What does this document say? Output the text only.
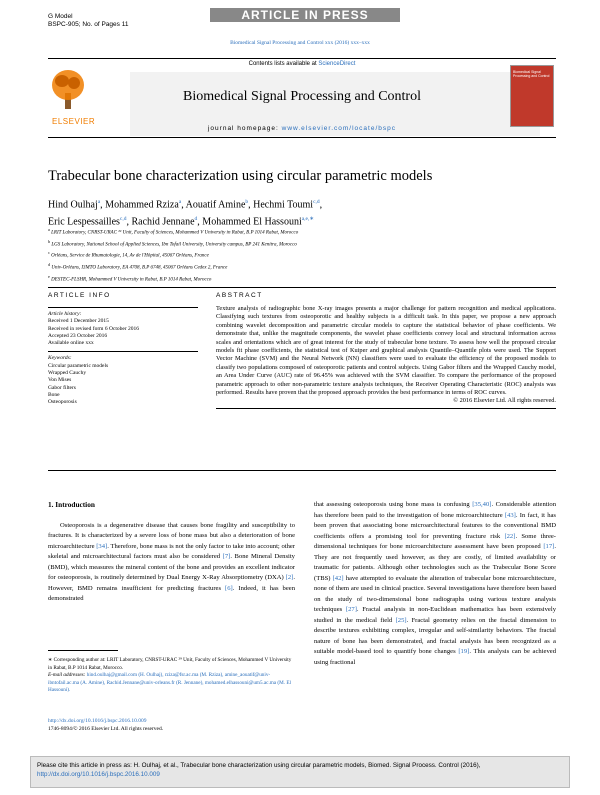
G Model
BSPC-905; No. of Pages 11
ARTICLE IN PRESS
Biomedical Signal Processing and Control xxx (2016) xxx–xxx
Contents lists available at ScienceDirect
Biomedical Signal Processing and Control
journal homepage: www.elsevier.com/locate/bspc
ELSEVIER
Biomedical Signal Processing and Control
Trabecular bone characterization using circular parametric models
Hind Oulhaj$^a$, Mohammed Rziza$^a$, Aouatif Amine$^b$, Hechmi Toumi$^{c,d}$,
Eric Lespessailles$^{c,d}$, Rachid Jennane$^d$, Mohammed El Hassouni$^{a,e,∗}$
$^a$ LRIT Laboratory, CNRST-URAC ²⁹ Unit, Faculty of Sciences, Mohammed V University in Rabat, B.P 1014 Rabat, Morocco
$^b$ LGS Laboratory, National School of Applied Sciences, Ibn Tofail University, University campus, BP 241 Kenitra, Morocco
$^c$ Orléans, Service de Rhumatologie, 14, Av de l'Hôpital, 45067 Orléans, France
$^d$ Univ-Orléans, I3MTO Laboratory, EA 4708, B.P 6748, 45067 Orléans Cedex 2, France
$^e$ DESTEC-FLSHR, Mohammed V University in Rabat, B.P 1014 Rabat, Morocco
ARTICLE INFO	ABSTRACT
Article history:
Received 1 December 2015
Received in revised form 6 October 2016
Accepted 23 October 2016
Available online xxx
Keywords:
Circular parametric models
Wrapped Cauchy
Von Mises
Gabor filters
Bone
Osteoporosis
Texture analysis of radiographic bone X-ray images presents a major challenge for pattern recognition and medical applications. Classifying such textures from osteoporotic and healthy subjects is a difficult task. In this paper, we propose a new approach combining wavelet decomposition and parametric circular models to capture the statistical behavior of phase coefficients. We demonstrate that, unlike the magnitude components, the wavelet phase coefficients convey local and structural information across scales and orientations which are of great interest for the study of trabecular bone texture. To assess how well the proposed circular models fit phase coefficients, the statistical test of Kuiper and graphical analysis Quantile–Quantile plots were used. The Support Vector Machine (SVM) and the Neural Network (NN) classifiers were used to evaluate the efficiency of the proposed models to classify two populations composed of osteoporotic patients and control subjects. Using Gabor filters and the Wrapped Cauchy model, an Area Under Curve (AUC) rate of 96.45% was achieved with the SVM classifier. To compare the performance of the proposed parametric approach to other non-parametric texture analysis techniques, the Receiver Operating Characteristic (ROC) analysis was performed. Results have proven that the proposed approach provides the best performance in terms of ROC curves.
© 2016 Elsevier Ltd. All rights reserved.
1. Introduction

Osteoporosis is a degenerative disease that causes bone fragility and susceptibility to fractures. It is characterized by a severe loss of bone mass but also a deterioration of bone microarchitecture [34]. Therefore, bone mass is not the only factor to take into account; other skeletal and microarchitectural factors must also be considered [7]. Bone Mineral Density (BMD), which measures the mineral content of the bone and provides an excellent indicator for osteoporosis, is routinely determined by Dual Energy X-Ray Absorptiometry (DXA) [2]. However, BMD remains insufficient for predicting fractures [6]. Indeed, it has been demonstrated

∗ Corresponding author at: LRIT Laboratory, CNRST-URAC ²⁹ Unit, Faculty of Sciences, Mohammed V University in Rabat, B.P 1014 Rabat, Morocco.
E-mail addresses: hind.oulhaj@gmail.com (H. Oulhaj), rziza@fsr.ac.ma (M. Rziza), amine_aouatif@univ-ibntofail.ac.ma (A. Amine), Rachid.Jennane@univ-orleans.fr (R. Jennane), mohamed.elhassouni@um5.ac.ma (M. El Hassouni).
http://dx.doi.org/10.1016/j.bspc.2016.10.009
1746-8094/© 2016 Elsevier Ltd. All rights reserved.

that assessing osteoporosis using bone mass is confusing [35,40]. Considerable attention has therefore been paid to the investigation of bone microarchitecture [43]. In fact, it has been proven that associating bone microarchitectural features to the conventional BMD coefficients offers a promising tool for preventing fracture risk [22]. Some three-dimensional techniques for bone microarchitecture assessment have been proposed [17]. They are not frequently used however, as they are costly, of limited availability or traumatic for patients. Although other technologies such as the Trabecular Bone Score (TBS) [42] have attempted to evaluate the alteration of trabecular bone microarchitecture, none of them are used in clinical practice. Several investigations have therefore been based on the study of two-dimensional bone radiographs using various texture analysis techniques [27]. Fractal analysis in non-Euclidean mathematics has been extensively studied in the medical field [25]. Fractal geometry relies on the fractal dimension to describe textures exhibiting complex, irregular and self-similarity behaviors. The fractal nature of bone has been demonstrated, and fractal analysis has been recognized as a suitable model-based tool to quantify bone changes [19]. This analysis can be achieved using fractional

Please cite this article in press as: H. Oulhaj, et al., Trabecular bone characterization using circular parametric models, Biomed. Signal Process. Control (2016), http://dx.doi.org/10.1016/j.bspc.2016.10.009
